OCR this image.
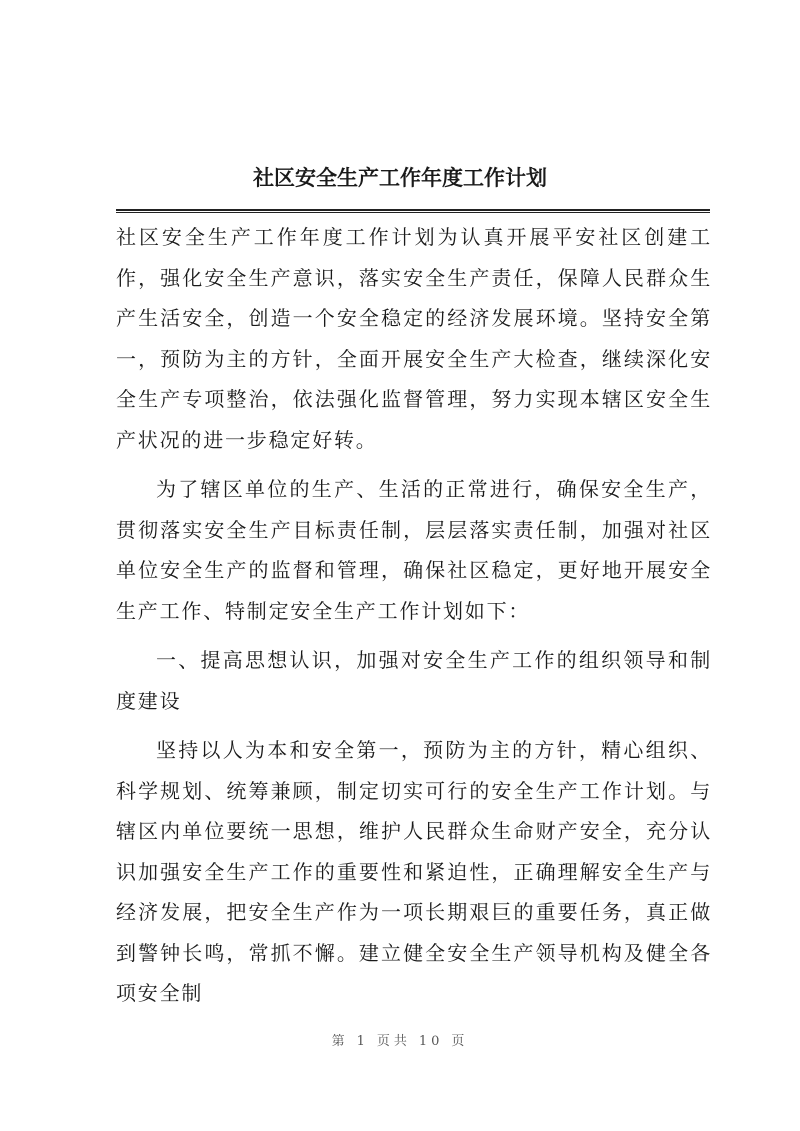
社区安全生产工作年度工作计划

社区安全生产工作年度工作计划为认真开展平安社区创建工作，强化安全生产意识，落实安全生产责任，保障人民群众生产生活安全，创造一个安全稳定的经济发展环境。坚持安全第一，预防为主的方针，全面开展安全生产大检查，继续深化安全生产专项整治，依法强化监督管理，努力实现本辖区安全生产状况的进一步稳定好转。

为了辖区单位的生产、生活的正常进行，确保安全生产，贯彻落实安全生产目标责任制，层层落实责任制，加强对社区单位安全生产的监督和管理，确保社区稳定，更好地开展安全生产工作、特制定安全生产工作计划如下：

一、提高思想认识，加强对安全生产工作的组织领导和制度建设

坚持以人为本和安全第一，预防为主的方针，精心组织、科学规划、统筹兼顾，制定切实可行的安全生产工作计划。与辖区内单位要统一思想，维护人民群众生命财产安全，充分认识加强安全生产工作的重要性和紧迫性，正确理解安全生产与经济发展，把安全生产作为一项长期艰巨的重要任务，真正做到警钟长鸣，常抓不懈。建立健全安全生产领导机构及健全各项安全制

第 1 页共 10 页
